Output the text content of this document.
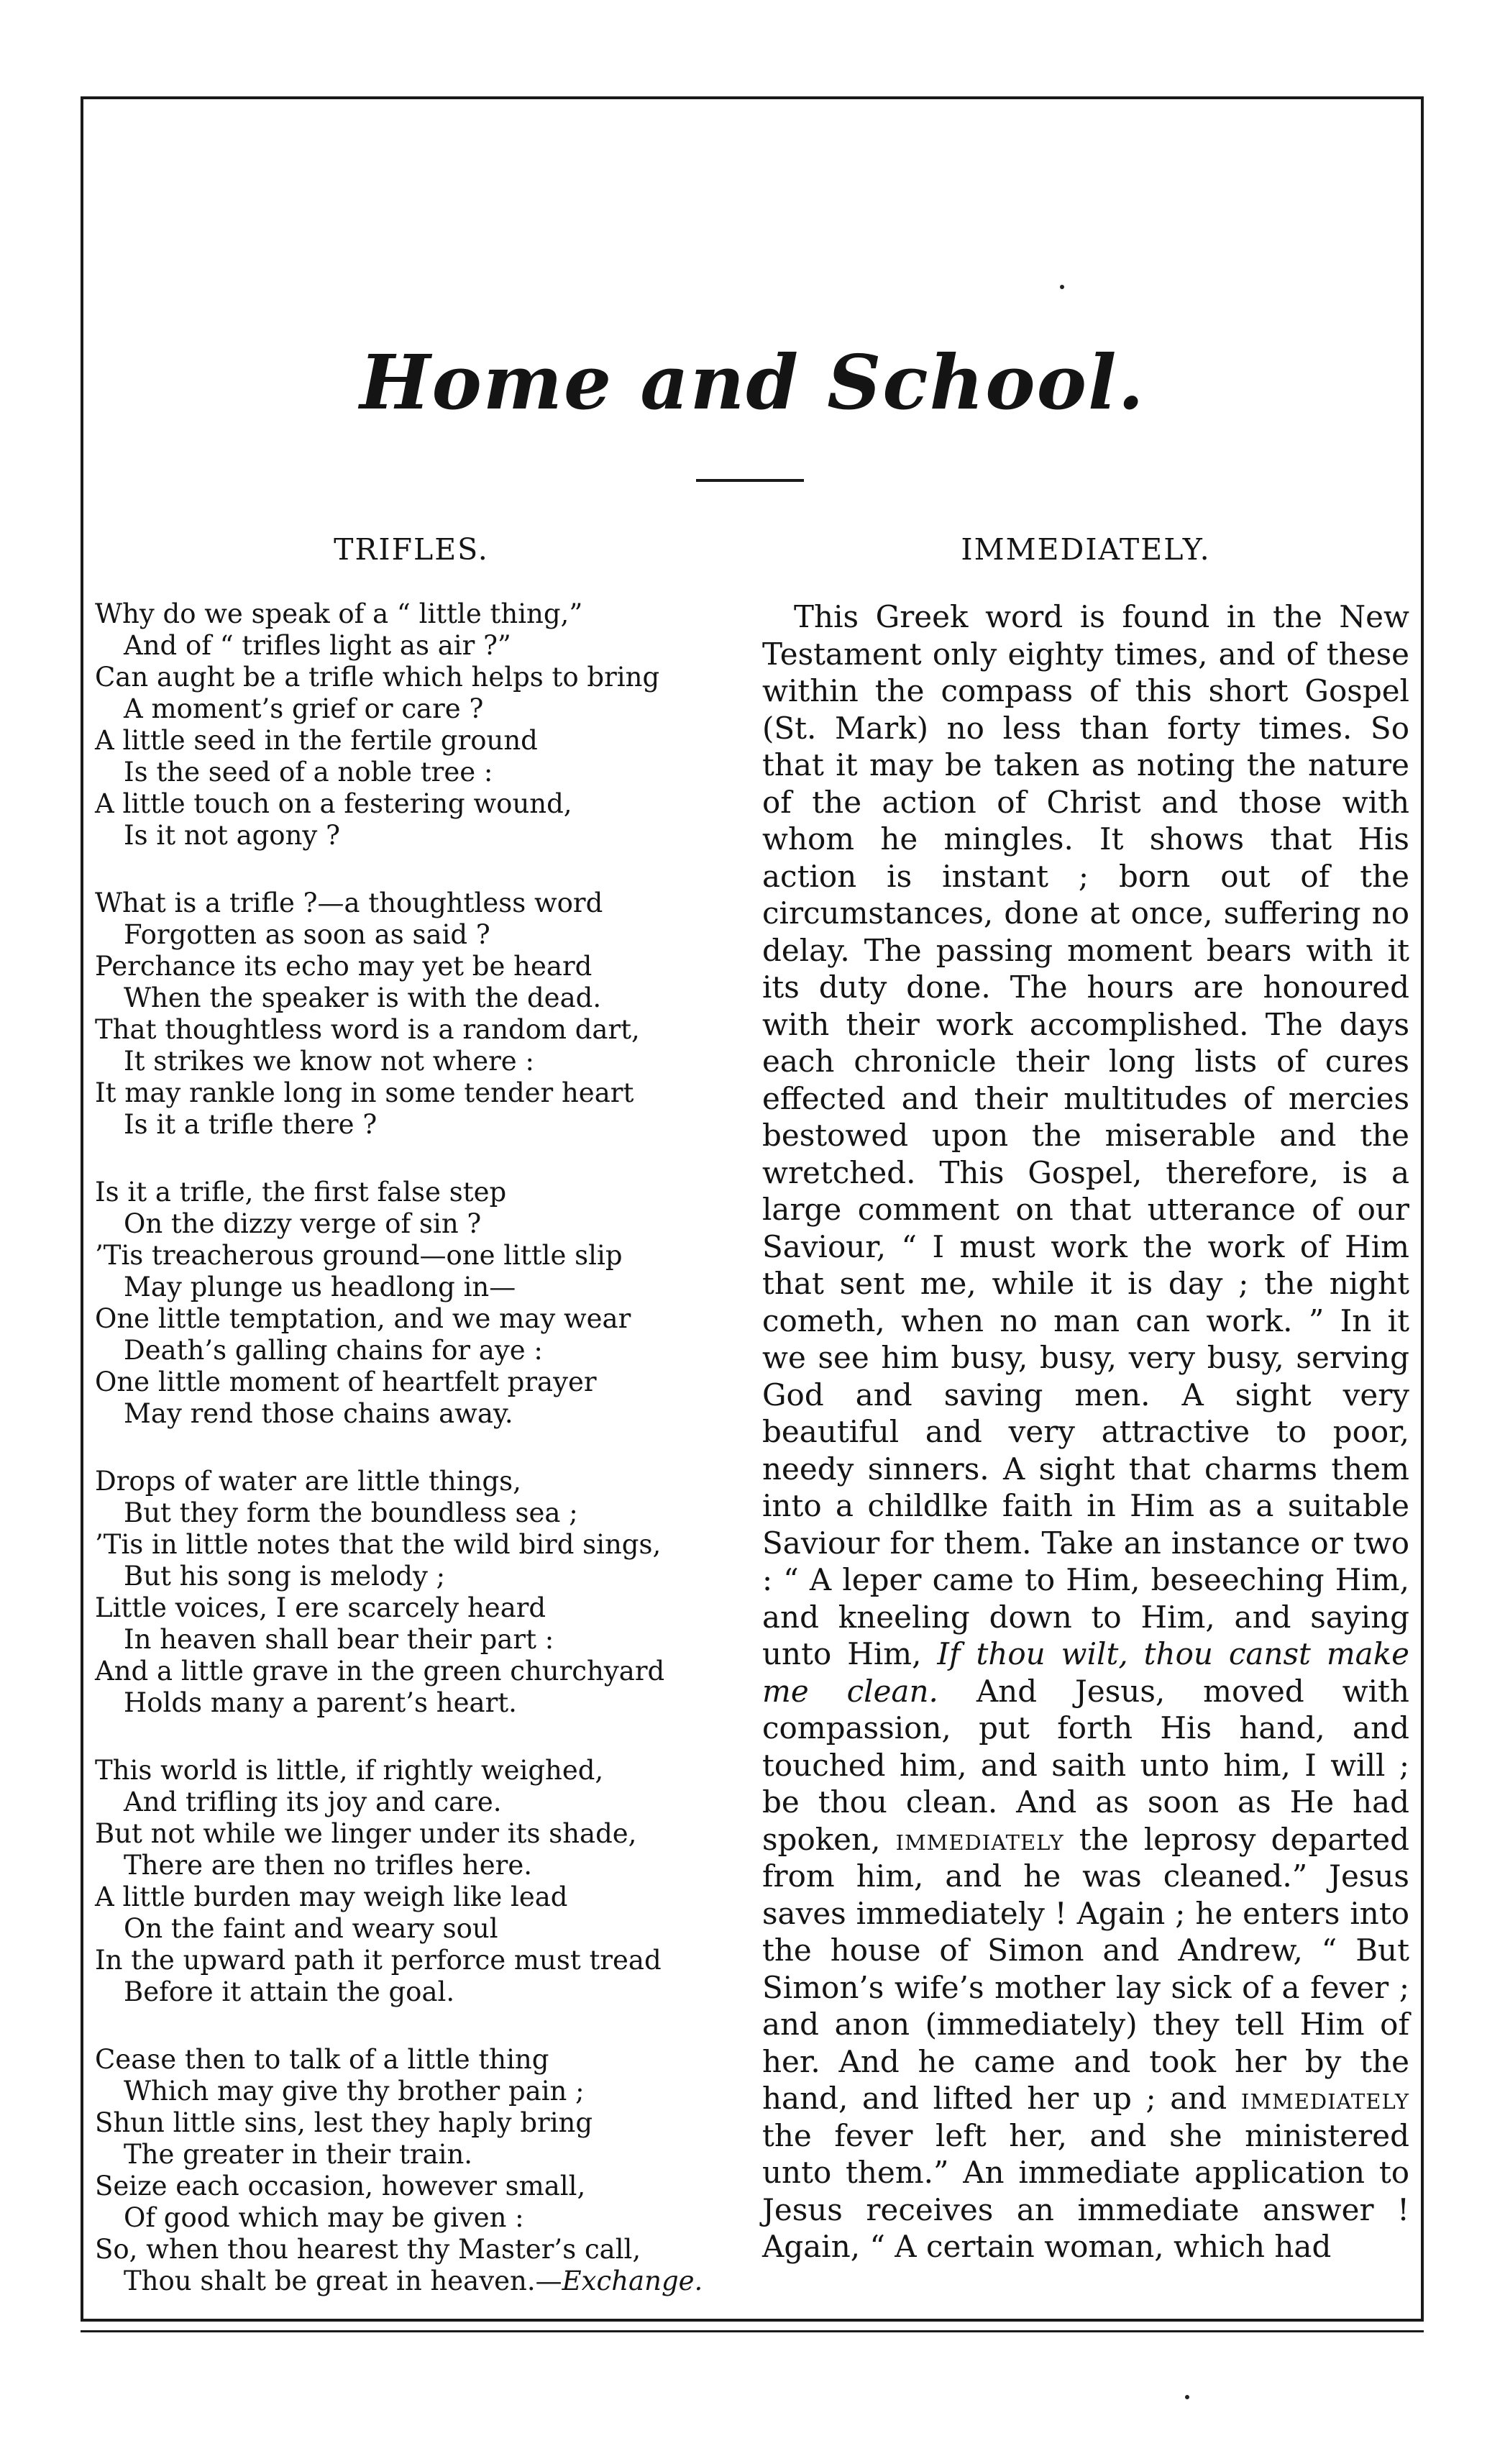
Home and School.
TRIFLES.
Why do we speak of a “ little thing,”
And of “ trifles light as air ?”
Can aught be a trifle which helps to bring
A moment’s grief or care ?
A little seed in the fertile ground
Is the seed of a noble tree :
A little touch on a festering wound,
Is it not agony ?
What is a trifle ?—a thoughtless word
Forgotten as soon as said ?
Perchance its echo may yet be heard
When the speaker is with the dead.
That thoughtless word is a random dart,
It strikes we know not where :
It may rankle long in some tender heart
Is it a trifle there ?
Is it a trifle, the first false step
On the dizzy verge of sin ?
’Tis treacherous ground—one little slip
May plunge us headlong in—
One little temptation, and we may wear
Death’s galling chains for aye :
One little moment of heartfelt prayer
May rend those chains away.
Drops of water are little things,
But they form the boundless sea ;
’Tis in little notes that the wild bird sings,
But his song is melody ;
Little voices, I ere scarcely heard
In heaven shall bear their part :
And a little grave in the green churchyard
Holds many a parent’s heart.
This world is little, if rightly weighed,
And trifling its joy and care.
But not while we linger under its shade,
There are then no trifles here.
A little burden may weigh like lead
On the faint and weary soul
In the upward path it perforce must tread
Before it attain the goal.
Cease then to talk of a little thing
Which may give thy brother pain ;
Shun little sins, lest they haply bring
The greater in their train.
Seize each occasion, however small,
Of good which may be given :
So, when thou hearest thy Master’s call,
Thou shalt be great in heaven.—Exchange.
IMMEDIATELY.

This Greek word is found in the New Testament only eighty times, and of these within the compass of this short Gospel (St. Mark) no less than forty times. So that it may be taken as noting the nature of the action of Christ and those with whom he mingles. It shows that His action is instant ; born out of the circumstances, done at once, suffering no delay. The passing moment bears with it its duty done. The hours are honoured with their work accomplished. The days each chronicle their long lists of cures effected and their multitudes of mercies bestowed upon the miserable and the wretched. This Gospel, therefore, is a large comment on that utterance of our Saviour, “ I must work the work of Him that sent me, while it is day ; the night cometh, when no man can work. ” In it we see him busy, busy, very busy, serving God and saving men. A sight very beautiful and very attractive to poor, needy sinners. A sight that charms them into a childlke faith in Him as a suitable Saviour for them. Take an instance or two : “ A leper came to Him, beseeching Him, and kneeling down to Him, and saying unto Him, If thou wilt, thou canst make me clean. And Jesus, moved with compassion, put forth His hand, and touched him, and saith unto him, I will ; be thou clean. And as soon as He had spoken, immediately the leprosy departed from him, and he was cleaned.” Jesus saves immediately ! Again ; he enters into the house of Simon and Andrew, “ But Simon’s wife’s mother lay sick of a fever ; and anon (immediately) they tell Him of her. And he came and took her by the hand, and lifted her up ; and immediately the fever left her, and she ministered unto them.” An immediate application to Jesus receives an immediate answer ! Again, “ A certain woman, which had
